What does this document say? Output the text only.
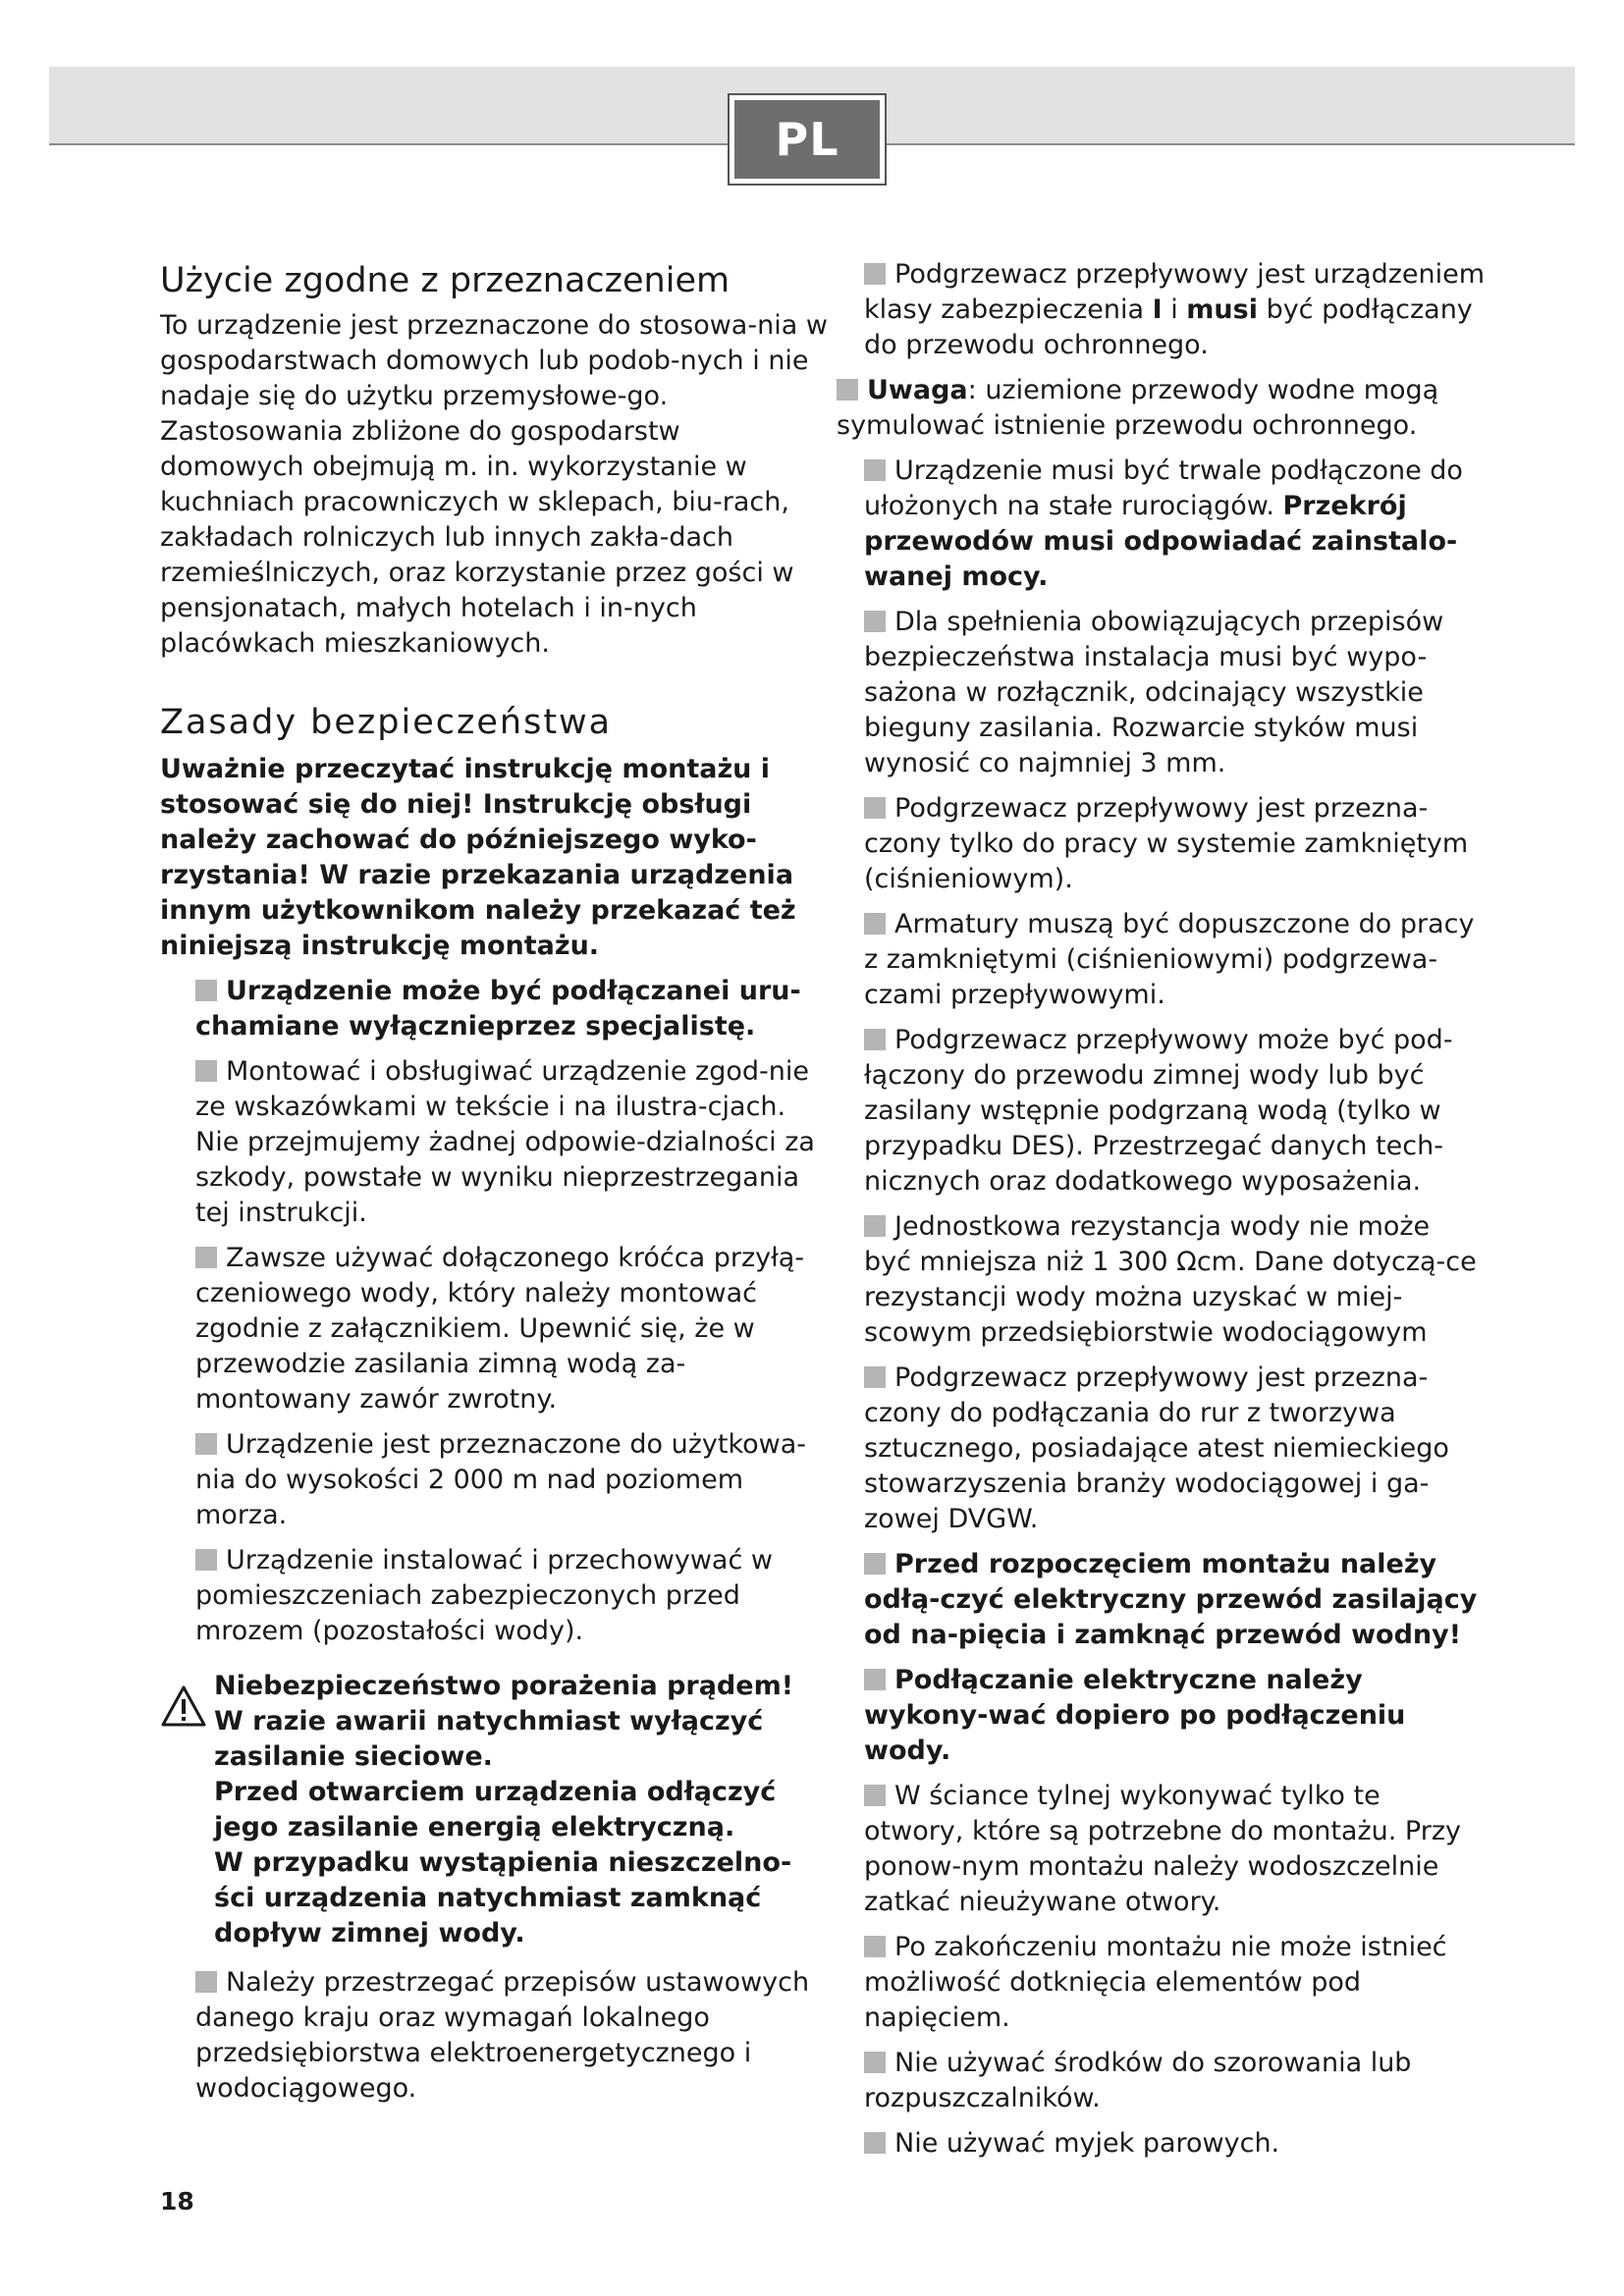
PL
Użycie zgodne z przeznaczeniem

To urządzenie jest przeznaczone do stosowa-nia w gospodarstwach domowych lub podob-nych i nie nadaje się do użytku przemysłowe-go. Zastosowania zbliżone do gospodarstw domowych obejmują m. in. wykorzystanie w kuchniach pracowniczych w sklepach, biu-rach, zakładach rolniczych lub innych zakła-dach rzemieślniczych, oraz korzystanie przez gości w pensjonatach, małych hotelach i in-nych placówkach mieszkaniowych.

Zasady bezpieczeństwa

Uważnie przeczytać instrukcję montażu i stosować się do niej! Instrukcję obsługi należy zachować do późniejszego wyko-rzystania! W razie przekazania urządzenia innym użytkownikom należy przekazać też niniejszą instrukcję montażu.

Urządzenie może być podłączanei uru-chamiane wyłącznieprzez specjalistę.

Montować i obsługiwać urządzenie zgod-nie ze wskazówkami w tekście i na ilustra-cjach. Nie przejmujemy żadnej odpowie-dzialności za szkody, powstałe w wyniku nieprzestrzegania tej instrukcji.

Zawsze używać dołączonego króćca przyłą-czeniowego wody, który należy montować zgodnie z załącznikiem. Upewnić się, że w przewodzie zasilania zimną wodą za-montowany zawór zwrotny.

Urządzenie jest przeznaczone do użytkowa-nia do wysokości 2 000 m nad poziomem morza.

Urządzenie instalować i przechowywać w pomieszczeniach zabezpieczonych przed mrozem (pozostałości wody).

Niebezpieczeństwo porażenia prądem!
W razie awarii natychmiast wyłączyć zasilanie sieciowe.
Przed otwarciem urządzenia odłączyć jego zasilanie energią elektryczną.
W przypadku wystąpienia nieszczelno-ści urządzenia natychmiast zamknąć dopływ zimnej wody.

Należy przestrzegać przepisów ustawowych danego kraju oraz wymagań lokalnego przedsiębiorstwa elektroenergetycznego i wodociągowego.

Podgrzewacz przepływowy jest urządzeniem klasy zabezpieczenia I i musi być podłączany do przewodu ochronnego.

Uwaga: uziemione przewody wodne mogą symulować istnienie przewodu ochronnego.

Urządzenie musi być trwale podłączone do ułożonych na stałe rurociągów. Przekrój przewodów musi odpowiadać zainstalo-wanej mocy.

Dla spełnienia obowiązujących przepisów bezpieczeństwa instalacja musi być wypo-sażona w rozłącznik, odcinający wszystkie bieguny zasilania. Rozwarcie styków musi wynosić co najmniej 3 mm.

Podgrzewacz przepływowy jest przezna-czony tylko do pracy w systemie zamkniętym (ciśnieniowym).

Armatury muszą być dopuszczone do pracy z zamkniętymi (ciśnieniowymi) podgrzewa-czami przepływowymi.

Podgrzewacz przepływowy może być pod-łączony do przewodu zimnej wody lub być zasilany wstępnie podgrzaną wodą (tylko w przypadku DES). Przestrzegać danych tech-nicznych oraz dodatkowego wyposażenia.

Jednostkowa rezystancja wody nie może być mniejsza niż 1 300 Ωcm. Dane dotyczą-ce rezystancji wody można uzyskać w miej-scowym przedsiębiorstwie wodociągowym

Podgrzewacz przepływowy jest przezna-czony do podłączania do rur z tworzywa sztucznego, posiadające atest niemieckiego stowarzyszenia branży wodociągowej i ga-zowej DVGW.

Przed rozpoczęciem montażu należy odłą-czyć elektryczny przewód zasilający od na-pięcia i zamknąć przewód wodny!

Podłączanie elektryczne należy wykony-wać dopiero po podłączeniu wody.

W ściance tylnej wykonywać tylko te otwory, które są potrzebne do montażu. Przy ponow-nym montażu należy wodoszczelnie zatkać nieużywane otwory.

Po zakończeniu montażu nie może istnieć możliwość dotknięcia elementów pod napięciem.

Nie używać środków do szorowania lub rozpuszczalników.

Nie używać myjek parowych.

18
